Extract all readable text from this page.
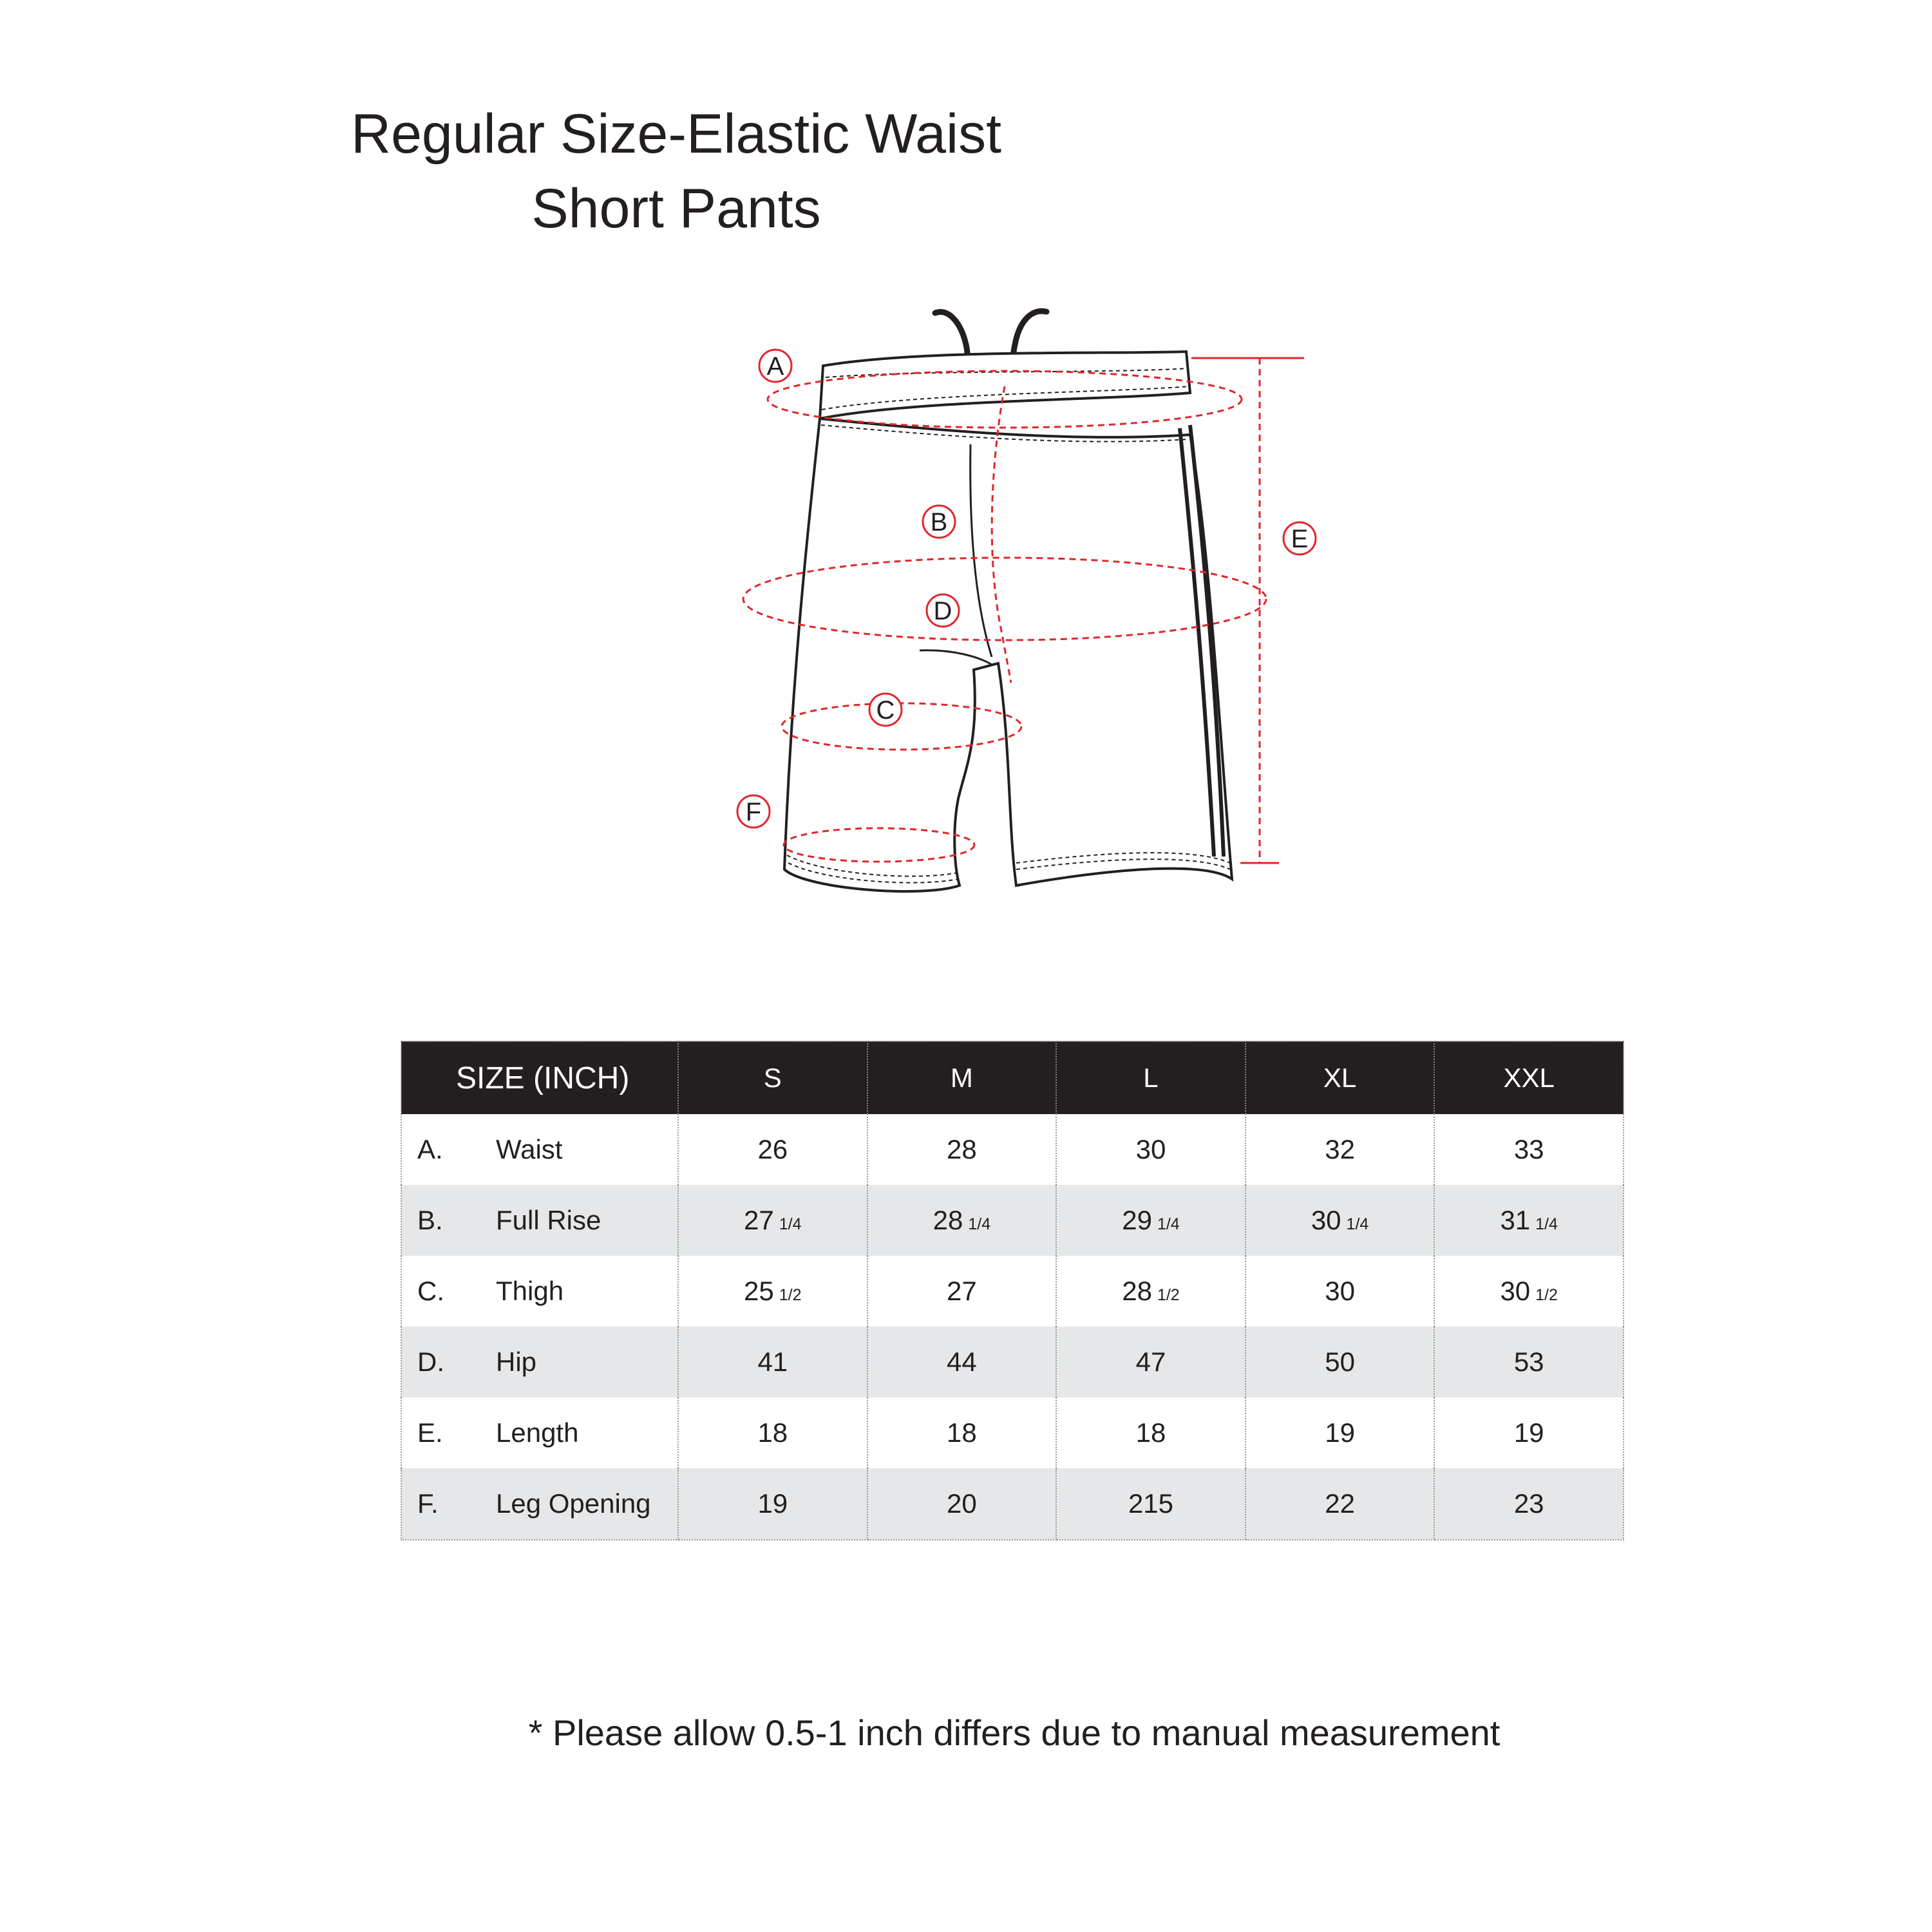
Regular Size-Elastic Waist
Short Pants
A
B
C
D
E
F
SIZE (INCH)	S	M	L	XL	XXL
A. Waist	26	28	30	32	33
B. Full Rise	27 1/4	28 1/4	29 1/4	30 1/4	31 1/4
C. Thigh	25 1/2	27	28 1/2	30	30 1/2
D. Hip	41	44	47	50	53
E. Length	18	18	18	19	19
F. Leg Opening	19	20	215	22	23
* Please allow 0.5-1 inch differs due to manual measurement
